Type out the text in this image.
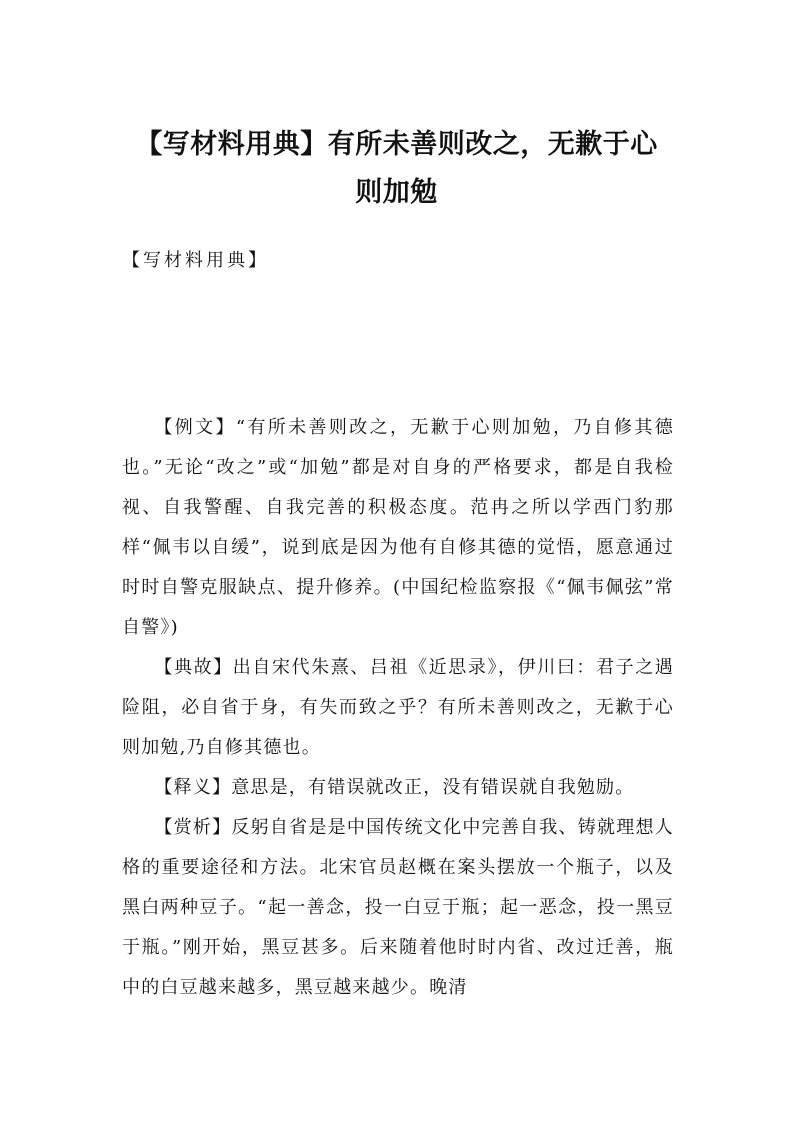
【写材料用典】有所未善则改之，无歉于心
则加勉

【写材料用典】

【例文】“有所未善则改之，无歉于心则加勉，乃自修其德也。”无论“改之”或“加勉”都是对自身的严格要求，都是自我检视、自我警醒、自我完善的积极态度。范冉之所以学西门豹那样“佩韦以自缓”，说到底是因为他有自修其德的觉悟，愿意通过时时自警克服缺点、提升修养。(中国纪检监察报《“佩韦佩弦”常自警》)

【典故】出自宋代朱熹、吕祖《近思录》，伊川曰：君子之遇险阻，必自省于身，有失而致之乎？有所未善则改之，无歉于心则加勉,乃自修其德也。

【释义】意思是，有错误就改正，没有错误就自我勉励。

【赏析】反躬自省是是中国传统文化中完善自我、铸就理想人格的重要途径和方法。北宋官员赵概在案头摆放一个瓶子，以及黑白两种豆子。“起一善念，投一白豆于瓶；起一恶念，投一黑豆于瓶。”刚开始，黑豆甚多。后来随着他时时内省、改过迁善，瓶中的白豆越来越多，黑豆越来越少。晚清
